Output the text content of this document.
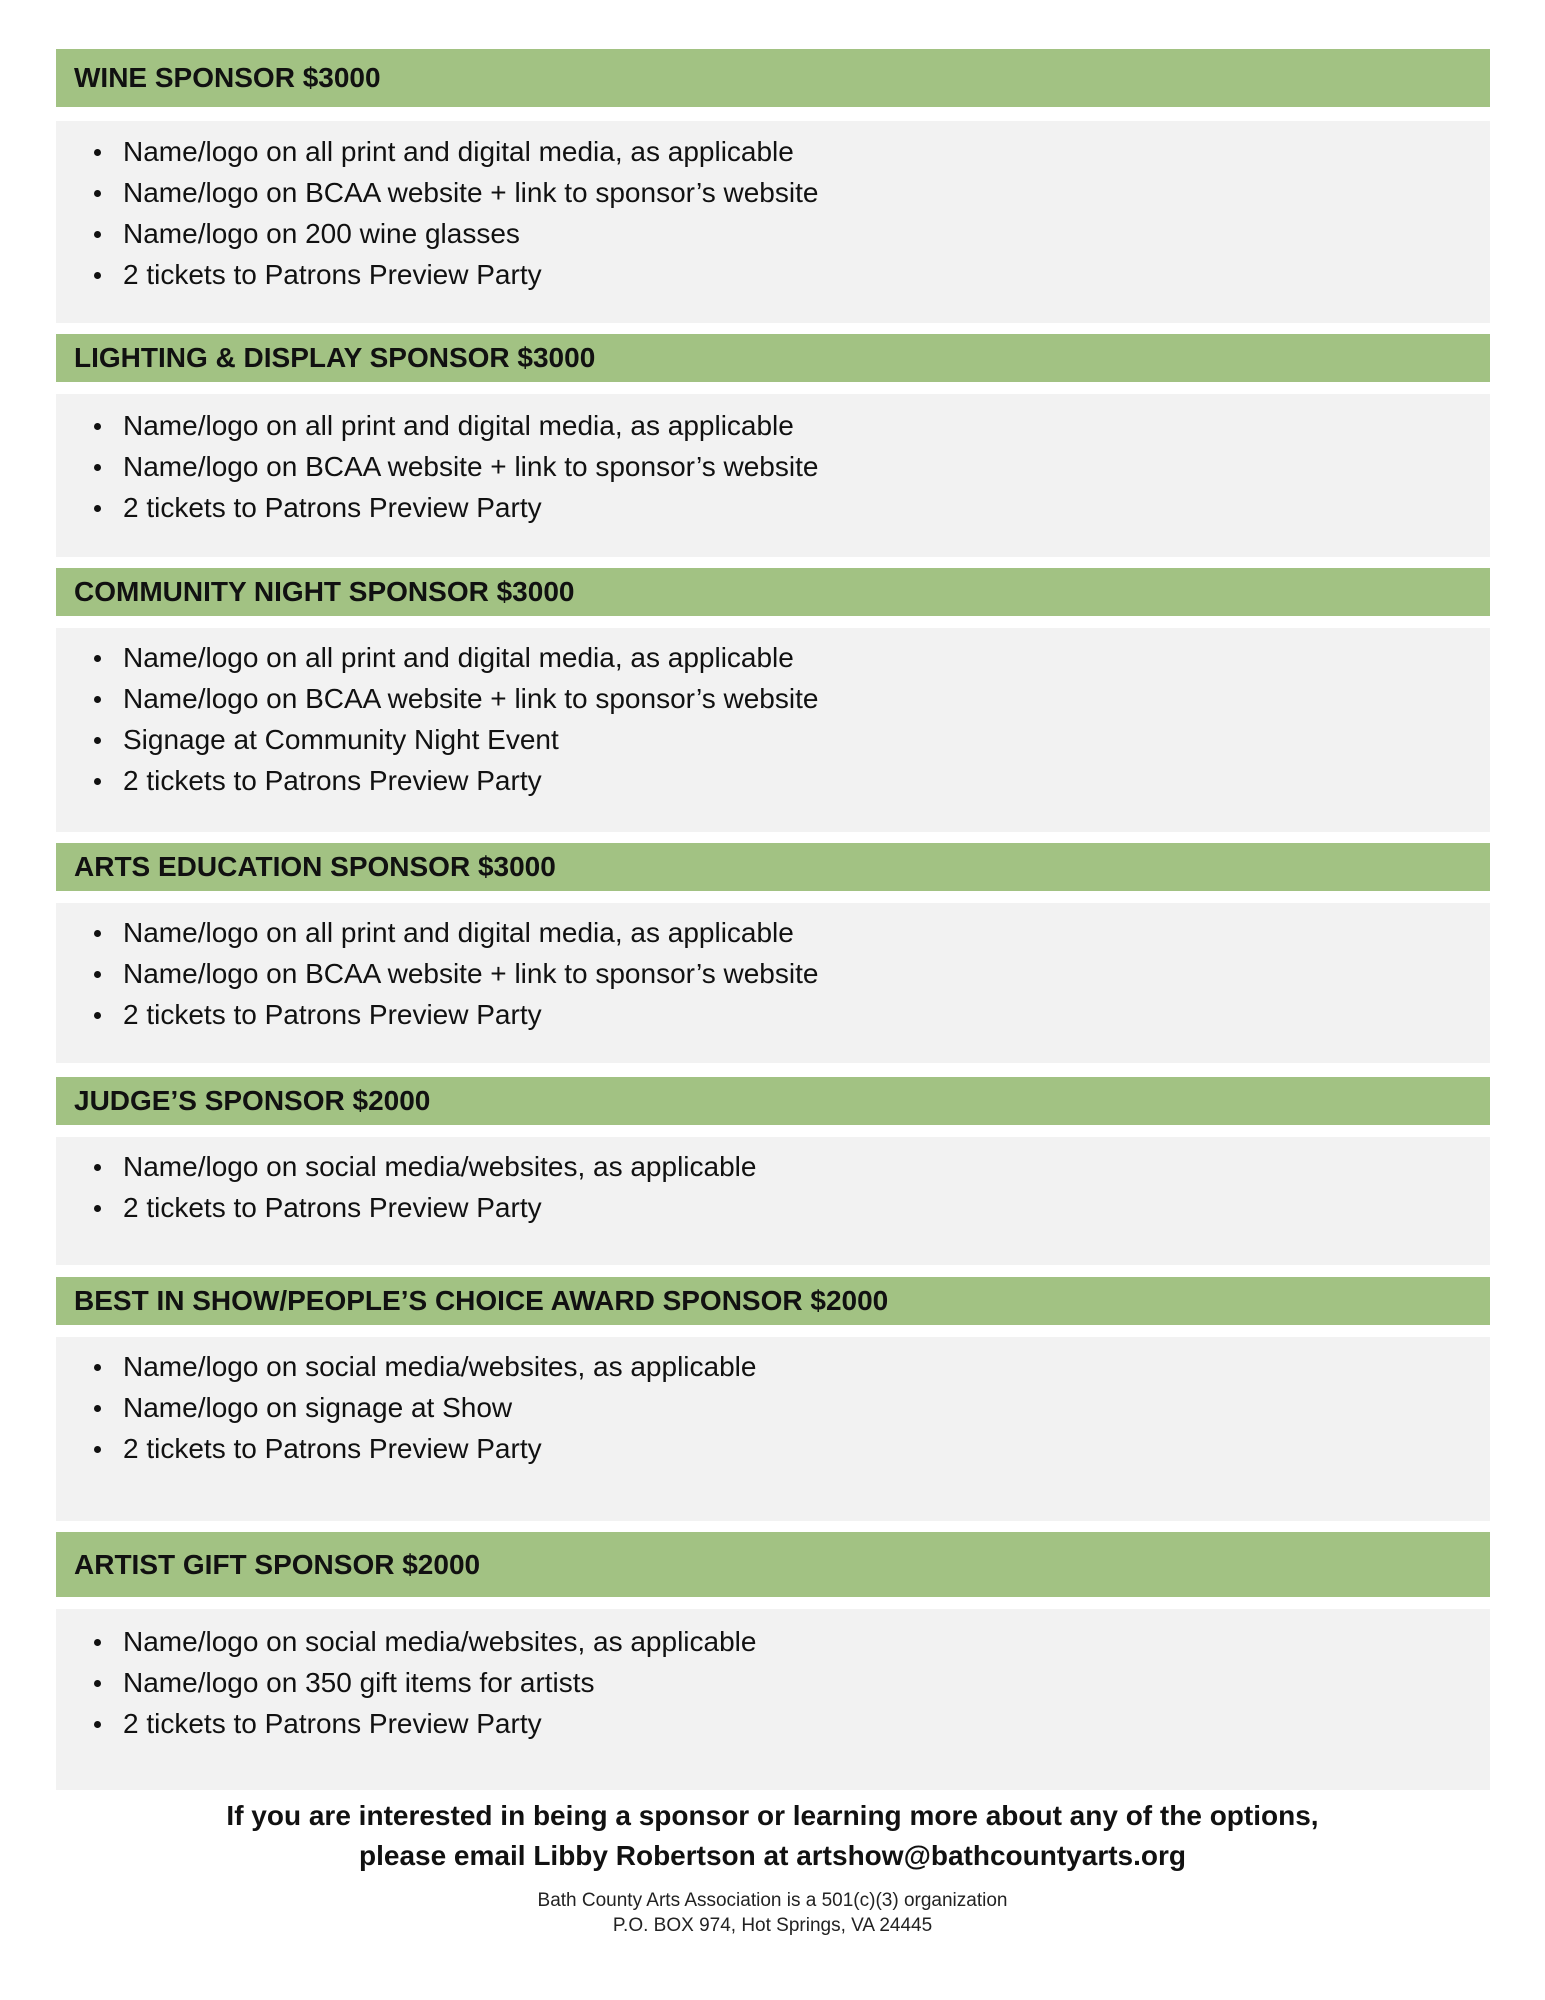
WINE SPONSOR $3000
Name/logo on all print and digital media, as applicable
Name/logo on BCAA website + link to sponsor’s website
Name/logo on 200 wine glasses
2 tickets to Patrons Preview Party
LIGHTING & DISPLAY SPONSOR $3000
Name/logo on all print and digital media, as applicable
Name/logo on BCAA website + link to sponsor’s website
2 tickets to Patrons Preview Party
COMMUNITY NIGHT SPONSOR $3000
Name/logo on all print and digital media, as applicable
Name/logo on BCAA website + link to sponsor’s website
Signage at Community Night Event
2 tickets to Patrons Preview Party
ARTS EDUCATION SPONSOR $3000
Name/logo on all print and digital media, as applicable
Name/logo on BCAA website + link to sponsor’s website
2 tickets to Patrons Preview Party
JUDGE’S SPONSOR $2000
Name/logo on social media/websites, as applicable
2 tickets to Patrons Preview Party
BEST IN SHOW/PEOPLE’S CHOICE AWARD SPONSOR $2000
Name/logo on social media/websites, as applicable
Name/logo on signage at Show
2 tickets to Patrons Preview Party
ARTIST GIFT SPONSOR $2000
Name/logo on social media/websites, as applicable
Name/logo on 350 gift items for artists
2 tickets to Patrons Preview Party
If you are interested in being a sponsor or learning more about any of the options,
please email Libby Robertson at artshow@bathcountyarts.org
Bath County Arts Association is a 501(c)(3) organization
P.O. BOX 974, Hot Springs, VA 24445
